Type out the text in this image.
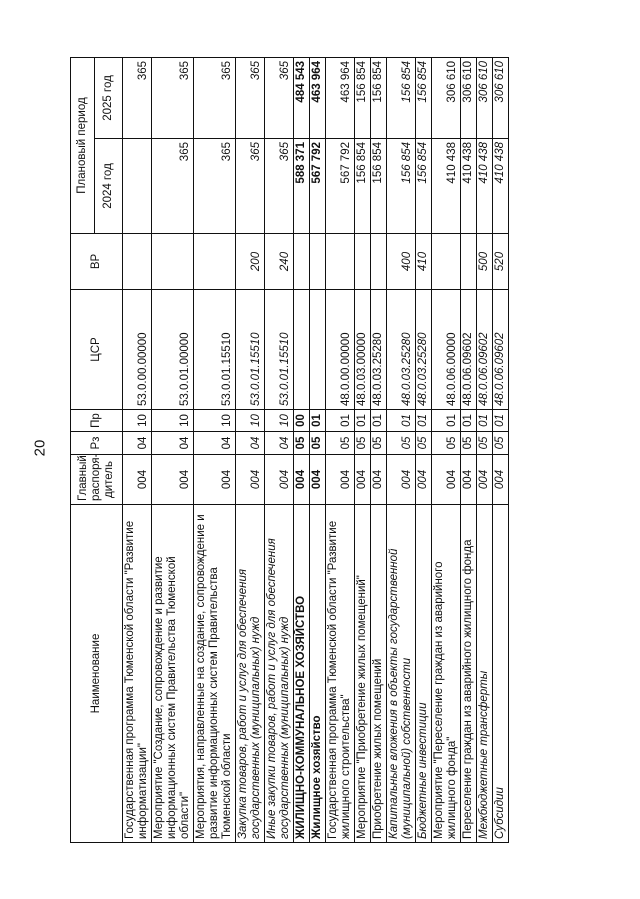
20
Наименование	Главный распоря-дитель	Рз	Пр	ЦСР	ВР	Плановый период	
						2024 год	2025 год
Государственная программа Тюменской области "Развитие информатизации"	004	04	10	53.0.00.00000			365
Мероприятие "Создание, сопровождение и развитие информационных систем Правительства Тюменской области"	004	04	10	53.0.01.00000		365	365
Мероприятия, направленные на создание, сопровождение и развитие информационных систем Правительства Тюменской области	004	04	10	53.0.01.15510		365	365
Закупка товаров, работ и услуг для обеспечения государственных (муниципальных) нужд	004	04	10	53.0.01.15510	200	365	365
Иные закупки товаров, работ и услуг для обеспечения государственных (муниципальных) нужд	004	04	10	53.0.01.15510	240	365	365
ЖИЛИЩНО-КОММУНАЛЬНОЕ ХОЗЯЙСТВО	004	05	00			588 371	484 543
Жилищное хозяйство	004	05	01			567 792	463 964
Государственная программа Тюменской области "Развитие жилищного строительства"	004	05	01	48.0.00.00000		567 792	463 964
Мероприятие "Приобретение жилых помещений"	004	05	01	48.0.03.00000		156 854	156 854
Приобретение жилых помещений	004	05	01	48.0.03.25280		156 854	156 854
Капитальные вложения в объекты государственной (муниципальной) собственности	004	05	01	48.0.03.25280	400	156 854	156 854
Бюджетные инвестиции	004	05	01	48.0.03.25280	410	156 854	156 854
Мероприятие "Переселение граждан из аварийного жилищного фонда"	004	05	01	48.0.06.00000		410 438	306 610
Переселение граждан из аварийного жилищного фонда	004	05	01	48.0.06.09602		410 438	306 610
Межбюджетные трансферты	004	05	01	48.0.06.09602	500	410 438	306 610
Субсидии	004	05	01	48.0.06.09602	520	410 438	306 610
